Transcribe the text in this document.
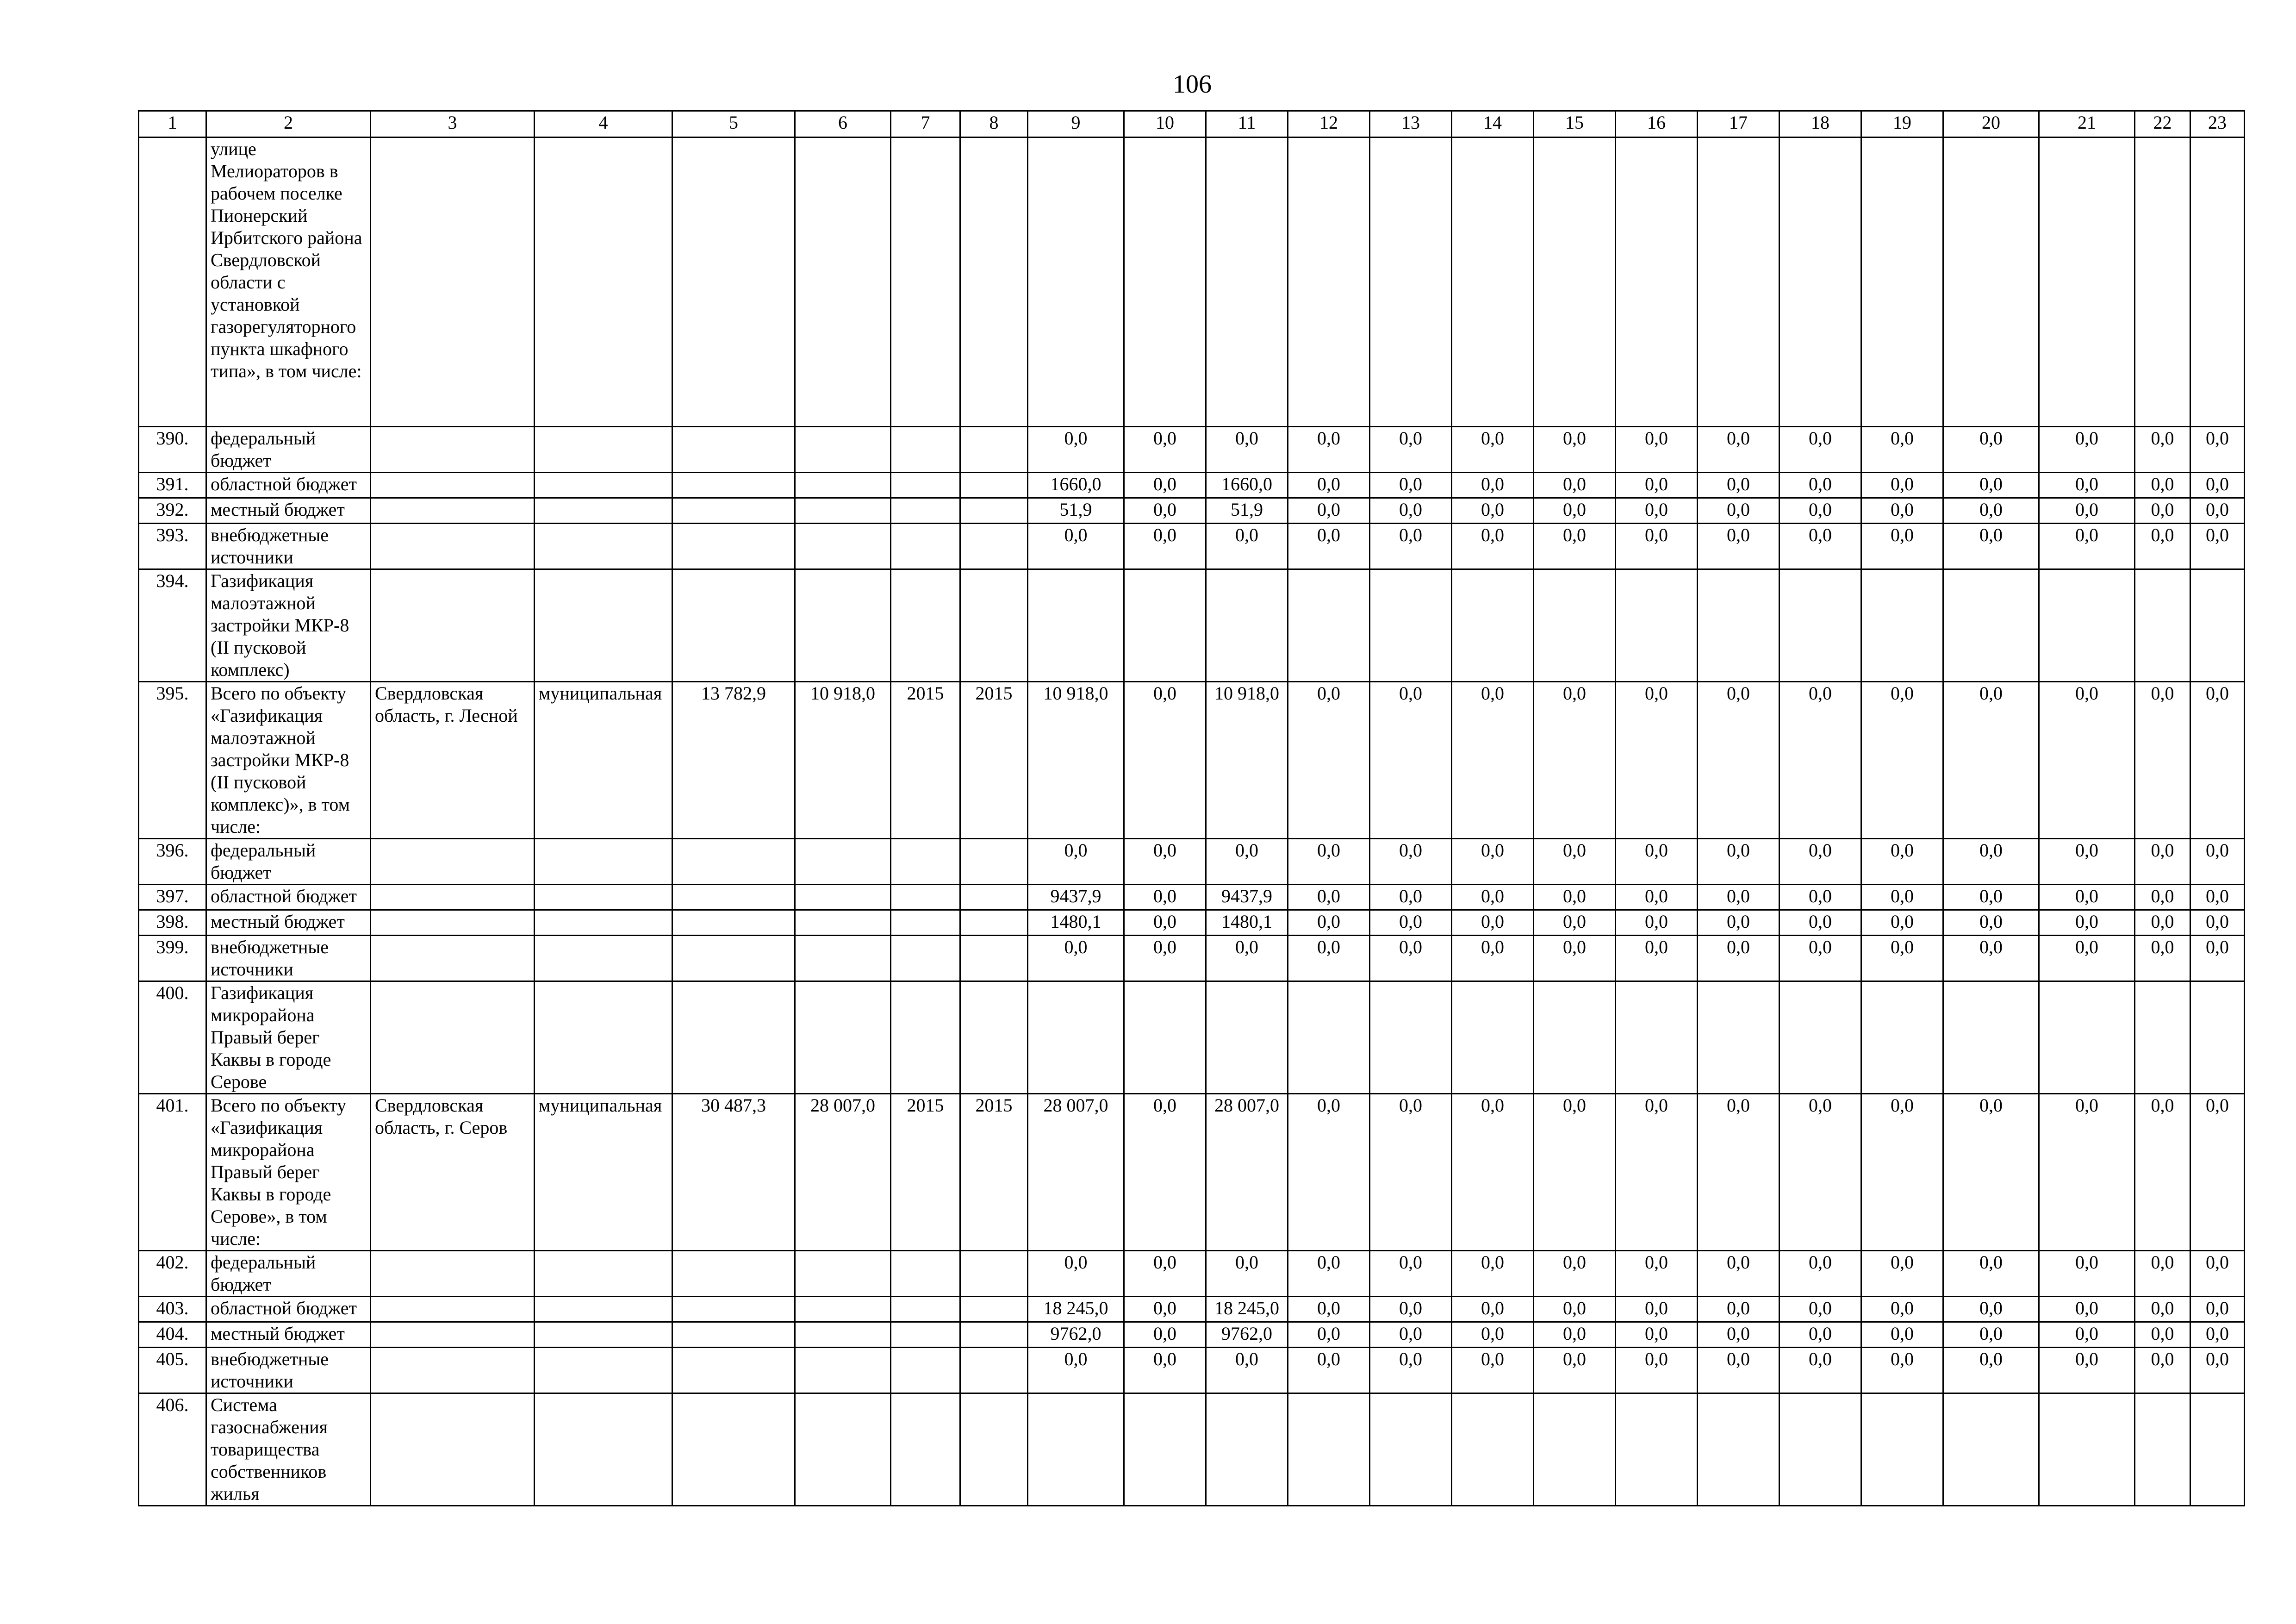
106
1	2	3	4	5	6	7	8	9	10	11	12	13	14	15	16	17	18	19	20	21	22	23
	улице Мелиораторов в рабочем поселке Пионерский Ирбитского района Свердловской области с установкой газорегуляторного пункта шкафного типа», в том числе:																					
390.	федеральный бюджет							0,0	0,0	0,0	0,0	0,0	0,0	0,0	0,0	0,0	0,0	0,0	0,0	0,0	0,0	0,0
391.	областной бюджет							1660,0	0,0	1660,0	0,0	0,0	0,0	0,0	0,0	0,0	0,0	0,0	0,0	0,0	0,0	0,0
392.	местный бюджет							51,9	0,0	51,9	0,0	0,0	0,0	0,0	0,0	0,0	0,0	0,0	0,0	0,0	0,0	0,0
393.	внебюджетные источники							0,0	0,0	0,0	0,0	0,0	0,0	0,0	0,0	0,0	0,0	0,0	0,0	0,0	0,0	0,0
394.	Газификация малоэтажной застройки МКР-8 (II пусковой комплекс)																					
395.	Всего по объекту «Газификация малоэтажной застройки МКР-8 (II пусковой комплекс)», в том числе:	Свердловская область, г. Лесной	муниципальная	13 782,9	10 918,0	2015	2015	10 918,0	0,0	10 918,0	0,0	0,0	0,0	0,0	0,0	0,0	0,0	0,0	0,0	0,0	0,0	0,0
396.	федеральный бюджет							0,0	0,0	0,0	0,0	0,0	0,0	0,0	0,0	0,0	0,0	0,0	0,0	0,0	0,0	0,0
397.	областной бюджет							9437,9	0,0	9437,9	0,0	0,0	0,0	0,0	0,0	0,0	0,0	0,0	0,0	0,0	0,0	0,0
398.	местный бюджет							1480,1	0,0	1480,1	0,0	0,0	0,0	0,0	0,0	0,0	0,0	0,0	0,0	0,0	0,0	0,0
399.	внебюджетные источники							0,0	0,0	0,0	0,0	0,0	0,0	0,0	0,0	0,0	0,0	0,0	0,0	0,0	0,0	0,0
400.	Газификация микрорайона Правый берег Каквы в городе Серове																					
401.	Всего по объекту «Газификация микрорайона Правый берег Каквы в городе Серове», в том числе:	Свердловская область, г. Серов	муниципальная	30 487,3	28 007,0	2015	2015	28 007,0	0,0	28 007,0	0,0	0,0	0,0	0,0	0,0	0,0	0,0	0,0	0,0	0,0	0,0	0,0
402.	федеральный бюджет							0,0	0,0	0,0	0,0	0,0	0,0	0,0	0,0	0,0	0,0	0,0	0,0	0,0	0,0	0,0
403.	областной бюджет							18 245,0	0,0	18 245,0	0,0	0,0	0,0	0,0	0,0	0,0	0,0	0,0	0,0	0,0	0,0	0,0
404.	местный бюджет							9762,0	0,0	9762,0	0,0	0,0	0,0	0,0	0,0	0,0	0,0	0,0	0,0	0,0	0,0	0,0
405.	внебюджетные источники							0,0	0,0	0,0	0,0	0,0	0,0	0,0	0,0	0,0	0,0	0,0	0,0	0,0	0,0	0,0
406.	Система газоснабжения товарищества собственников жилья																					
